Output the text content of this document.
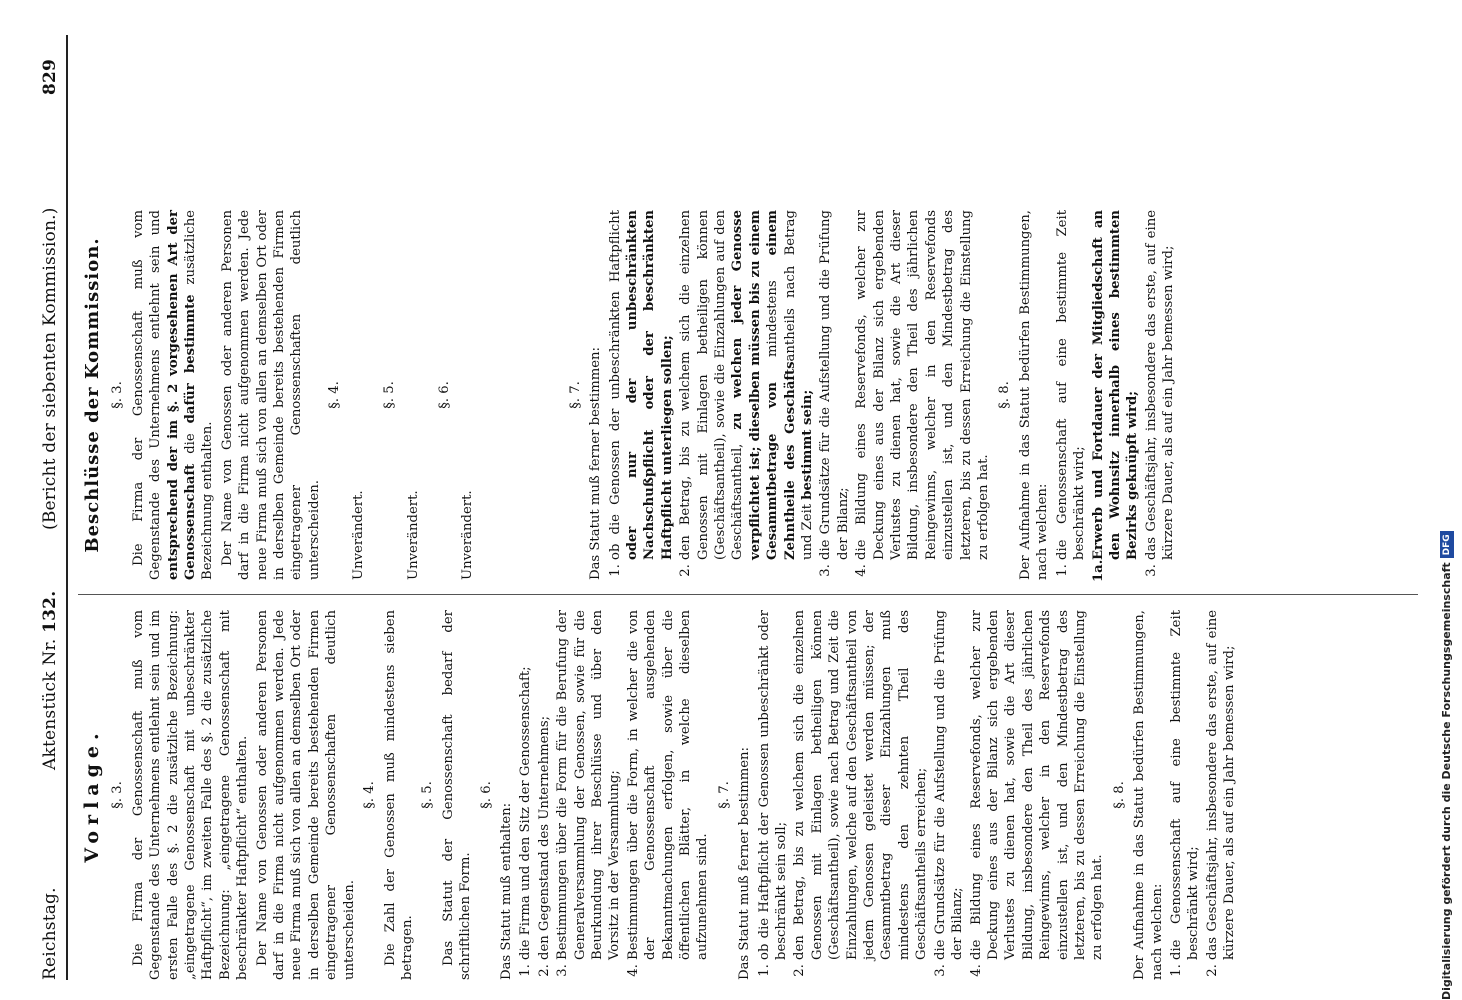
Reichstag.
Aktenstück Nr. 132.
(Bericht der siebenten Kommission.)
829
Vorlage. §. 3. Die Firma der Genossenschaft muß vom Gegenstande des Unternehmens entlehnt sein und im ersten Falle des §. 2 die zusätzliche Bezeichnung: „eingetragene Genossenschaft mit unbeschränkter Haftpflicht“, im zweiten Falle des §. 2 die zusätzliche Bezeichnung: „eingetragene Genossenschaft mit beschränkter Haftpflicht“ enthalten. Der Name von Genossen oder anderen Personen darf in die Firma nicht aufgenommen werden. Jede neue Firma muß sich von allen an demselben Ort oder in derselben Gemeinde bereits bestehenden Firmen eingetragener Genossenschaften deutlich unterscheiden.

§. 4. Die Zahl der Genossen muß mindestens sieben betragen.

§. 5. Das Statut der Genossenschaft bedarf der schriftlichen Form.

§. 6.

Das Statut muß enthalten: 1. die Firma und den Sitz der Genossenschaft; 2. den Gegenstand des Unternehmens; 3. Bestimmungen über die Form für die Berufung der Generalversammlung der Genossen, sowie für die Beurkundung ihrer Beschlüsse und über den Vorsitz in der Versammlung; 4. Bestimmungen über die Form, in welcher die von der Genossenschaft ausgehenden Bekanntmachungen erfolgen, sowie über die öffentlichen Blätter, in welche dieselben aufzunehmen sind.
§. 7. Das Statut muß ferner bestimmen: 1. ob die Haftpflicht der Genossen unbeschränkt oder beschränkt sein soll; 2. den Betrag, bis zu welchem sich die einzelnen Genossen mit Einlagen betheiligen können (Geschäftsantheil), sowie nach Betrag und Zeit die Einzahlungen, welche auf den Geschäftsantheil von jedem Genossen geleistet werden müssen; der Gesammtbetrag dieser Einzahlungen muß mindestens den zehnten Theil des Geschäftsantheils erreichen; 3. die Grundsätze für die Aufstellung und die Prüfung der Bilanz; 4. die Bildung eines Reservefonds, welcher zur Deckung eines aus der Bilanz sich ergebenden Verlustes zu dienen hat, sowie die Art dieser Bildung, insbesondere den Theil des jährlichen Reingewinns, welcher in den Reservefonds einzustellen ist, und den Mindestbetrag des letzteren, bis zu dessen Erreichung die Einstellung zu erfolgen hat.
§. 8. Der Aufnahme in das Statut bedürfen Bestimmungen, nach welchen: 1. die Genossenschaft auf eine bestimmte Zeit beschränkt wird; 2. das Geschäftsjahr, insbesondere das erste, auf eine kürzere Dauer, als auf ein Jahr bemessen wird;
Beschlüsse der Kommission. §. 3. Die Firma der Genossenschaft muß vom Gegenstande des Unternehmens entlehnt sein und entsprechend der im §. 2 vorgesehenen Art der Genossenschaft die dafür bestimmte zusätzliche Bezeichnung enthalten. Der Name von Genossen oder anderen Personen darf in die Firma nicht aufgenommen werden. Jede neue Firma muß sich von allen an demselben Ort oder in derselben Gemeinde bereits bestehenden Firmen eingetragener Genossenschaften deutlich unterscheiden.

§. 4.

Unverändert.

§. 5.

Unverändert.

§. 6.

Unverändert.

§. 7. Das Statut muß ferner bestimmen: 1. ob die Genossen der unbeschränkten Haftpflicht oder nur der unbeschränkten Nachschußpflicht oder der beschränkten Haftpflicht unterliegen sollen; 2. den Betrag, bis zu welchem sich die einzelnen Genossen mit Einlagen betheiligen können (Geschäftsantheil), sowie die Einzahlungen auf den Geschäftsantheil, zu welchen jeder Genosse verpflichtet ist; dieselben müssen bis zu einem Gesammtbetrage von mindestens einem Zehntheile des Geschäftsantheils nach Betrag und Zeit bestimmt sein; 3. die Grundsätze für die Aufstellung und die Prüfung der Bilanz; 4. die Bildung eines Reservefonds, welcher zur Deckung eines aus der Bilanz sich ergebenden Verlustes zu dienen hat, sowie die Art dieser Bildung, insbesondere den Theil des jährlichen Reingewinns, welcher in den Reservefonds einzustellen ist, und den Mindestbetrag des letzteren, bis zu dessen Erreichung die Einstellung zu erfolgen hat.
§. 8. Der Aufnahme in das Statut bedürfen Bestimmungen, nach welchen: 1. die Genossenschaft auf eine bestimmte Zeit beschränkt wird;
1a.Erwerb und Fortdauer der Mitgliedschaft an den Wohnsitz innerhalb eines bestimmten Bezirks geknüpft wird; 3. das Geschäftsjahr, insbesondere das erste, auf eine kürzere Dauer, als auf ein Jahr bemessen wird;
Digitalisierung gefördert durch die Deutsche ForschungsgemeinschaftDFG
